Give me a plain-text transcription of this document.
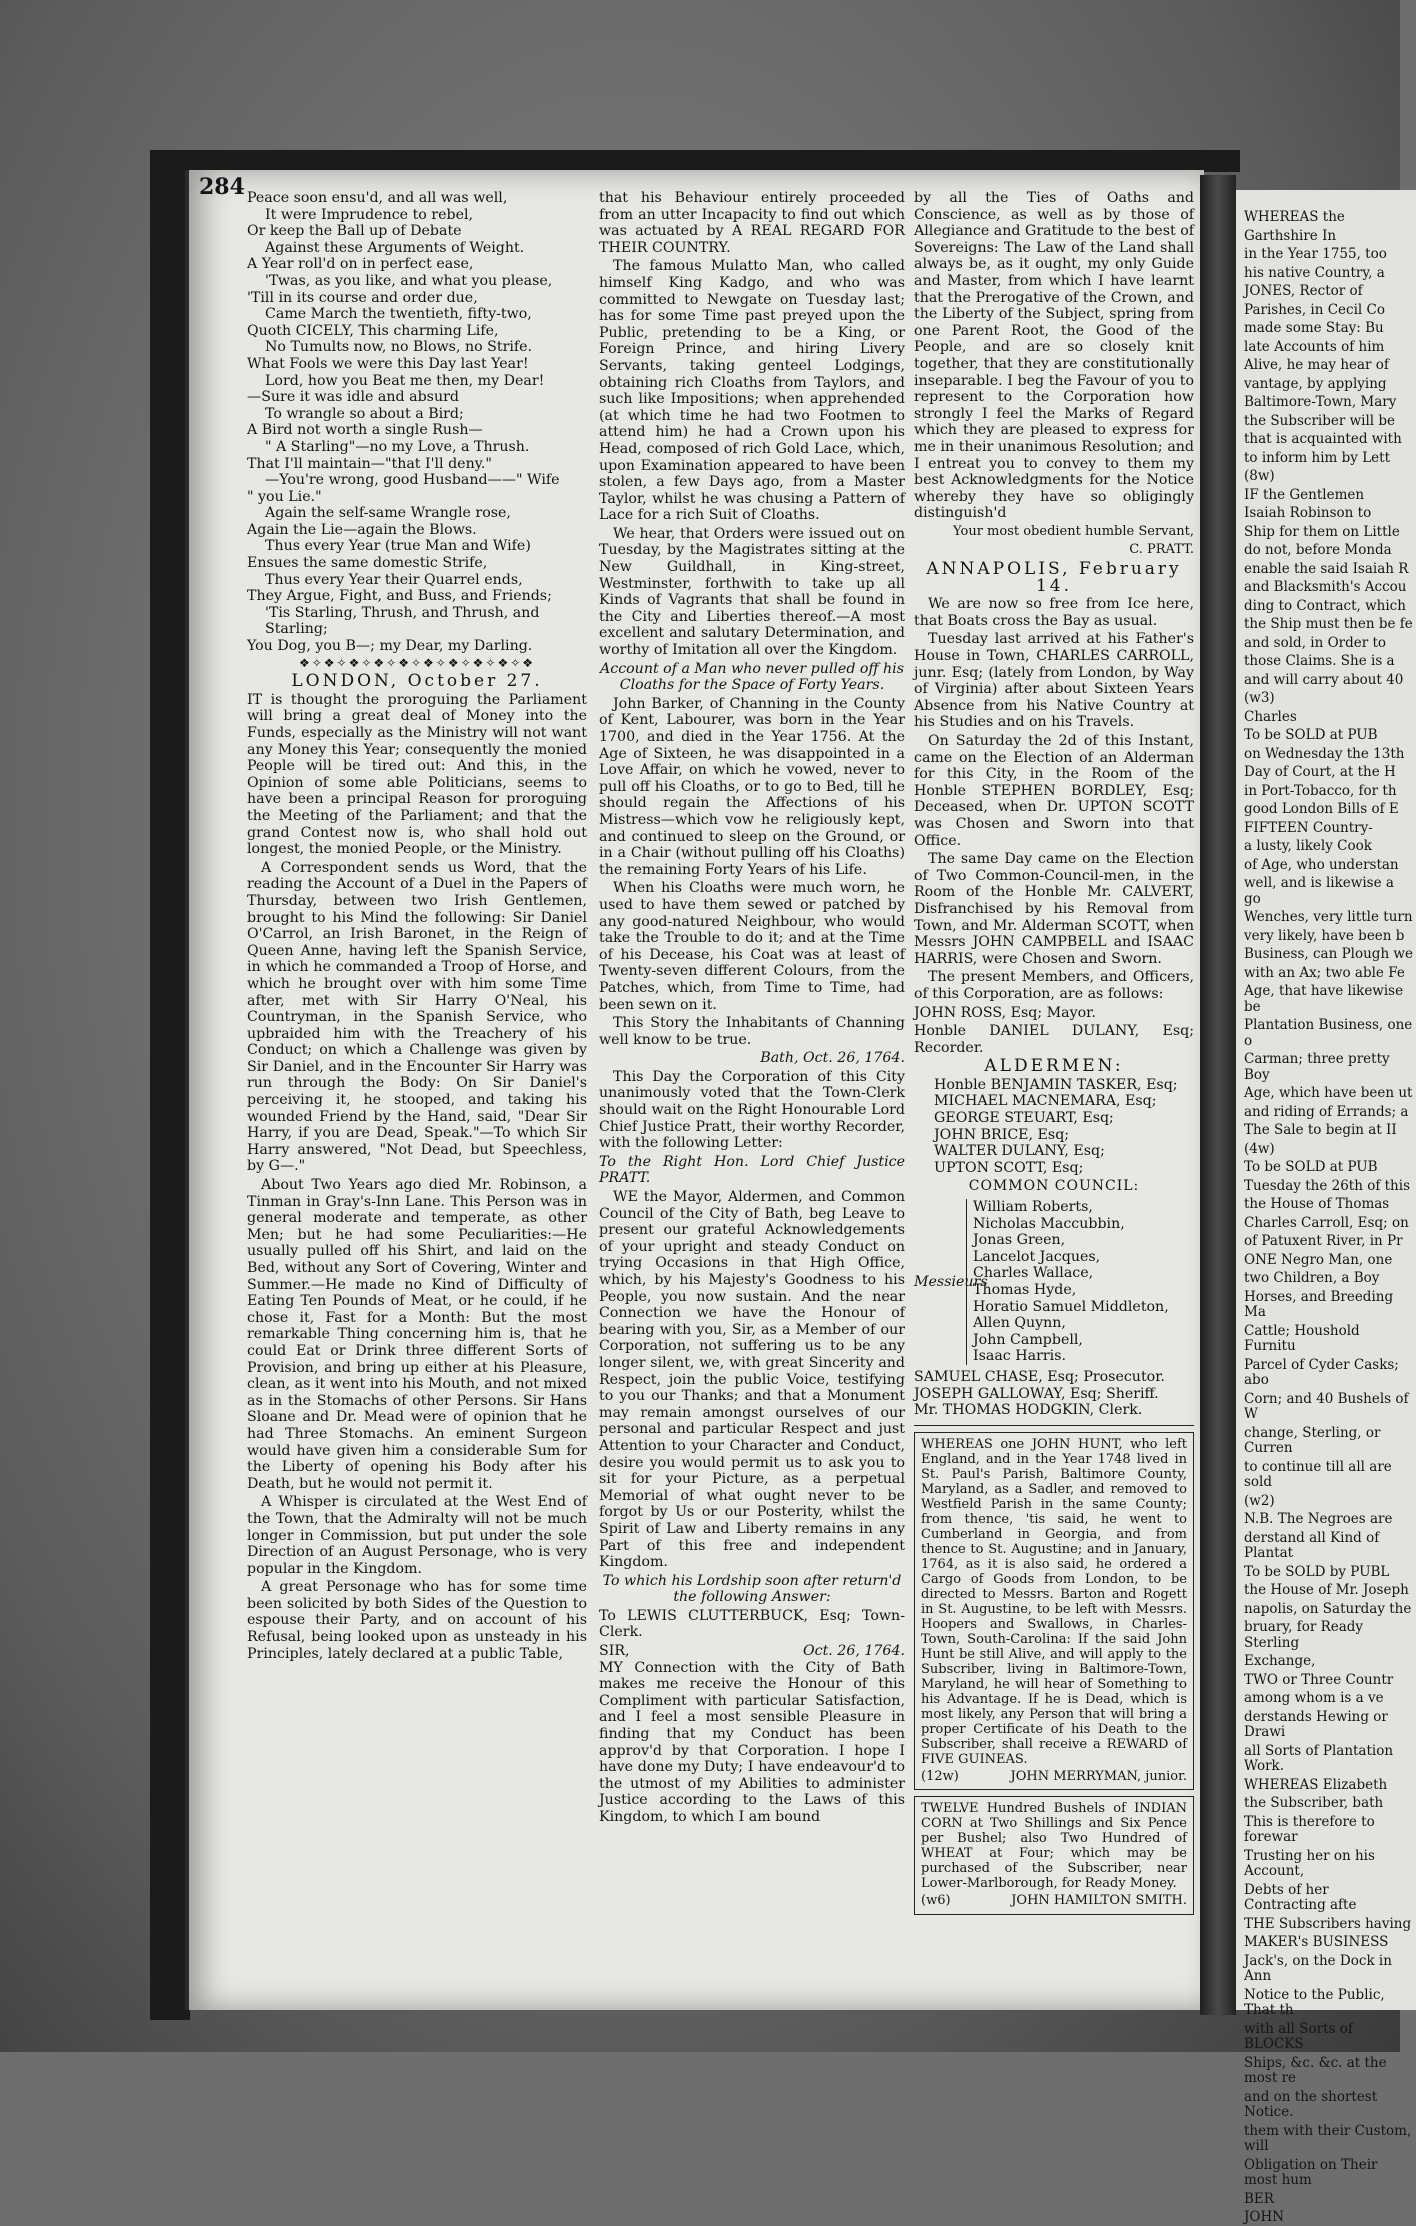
284 Peace soon ensu'd, and all was well,

It were Imprudence to rebel,

Or keep the Ball up of Debate

Against these Arguments of Weight.

A Year roll'd on in perfect ease,

'Twas, as you like, and what you please,

'Till in its course and order due,

Came March the twentieth, fifty-two,

Quoth CICELY, This charming Life,

No Tumults now, no Blows, no Strife.

What Fools we were this Day last Year!

Lord, how you Beat me then, my Dear!

—Sure it was idle and absurd

To wrangle so about a Bird;

A Bird not worth a single Rush—

" A Starling"—no my Love, a Thrush.

That I'll maintain—"that I'll deny."

—You're wrong, good Husband——" Wife

" you Lie."

Again the self-same Wrangle rose,

Again the Lie—again the Blows.

Thus every Year (true Man and Wife)

Ensues the same domestic Strife,

Thus every Year their Quarrel ends,

They Argue, Fight, and Buss, and Friends;

'Tis Starling, Thrush, and Thrush, and Starling;

You Dog, you B—; my Dear, my Darling.

❖✧❖✧❖✧❖✧❖✧❖✧❖✧❖✧❖✧❖

LONDON, October 27.

IT is thought the proroguing the Parliament will bring a great deal of Money into the Funds, especially as the Ministry will not want any Money this Year; consequently the monied People will be tired out: And this, in the Opinion of some able Politicians, seems to have been a principal Reason for proroguing the Meeting of the Parliament; and that the grand Contest now is, who shall hold out longest, the monied People, or the Ministry.

A Correspondent sends us Word, that the reading the Account of a Duel in the Papers of Thursday, between two Irish Gentlemen, brought to his Mind the following: Sir Daniel O'Carrol, an Irish Baronet, in the Reign of Queen Anne, having left the Spanish Service, in which he commanded a Troop of Horse, and which he brought over with him some Time after, met with Sir Harry O'Neal, his Countryman, in the Spanish Service, who upbraided him with the Treachery of his Conduct; on which a Challenge was given by Sir Daniel, and in the Encounter Sir Harry was run through the Body: On Sir Daniel's perceiving it, he stooped, and taking his wounded Friend by the Hand, said, "Dear Sir Harry, if you are Dead, Speak."—To which Sir Harry answered, "Not Dead, but Speechless, by G—."

About Two Years ago died Mr. Robinson, a Tinman in Gray's-Inn Lane. This Person was in general moderate and temperate, as other Men; but he had some Peculiarities:—He usually pulled off his Shirt, and laid on the Bed, without any Sort of Covering, Winter and Summer.—He made no Kind of Difficulty of Eating Ten Pounds of Meat, or he could, if he chose it, Fast for a Month: But the most remarkable Thing concerning him is, that he could Eat or Drink three different Sorts of Provision, and bring up either at his Pleasure, clean, as it went into his Mouth, and not mixed as in the Stomachs of other Persons. Sir Hans Sloane and Dr. Mead were of opinion that he had Three Stomachs. An eminent Surgeon would have given him a considerable Sum for the Liberty of opening his Body after his Death, but he would not permit it.

A Whisper is circulated at the West End of the Town, that the Admiralty will not be much longer in Commission, but put under the sole Direction of an August Personage, who is very popular in the Kingdom.

A great Personage who has for some time been solicited by both Sides of the Question to espouse their Party, and on account of his Refusal, being looked upon as unsteady in his Principles, lately declared at a public Table,

that his Behaviour entirely proceeded from an utter Incapacity to find out which was actuated by A REAL REGARD FOR THEIR COUNTRY.

The famous Mulatto Man, who called himself King Kadgo, and who was committed to Newgate on Tuesday last; has for some Time past preyed upon the Public, pretending to be a King, or Foreign Prince, and hiring Livery Servants, taking genteel Lodgings, obtaining rich Cloaths from Taylors, and such like Impositions; when apprehended (at which time he had two Footmen to attend him) he had a Crown upon his Head, composed of rich Gold Lace, which, upon Examination appeared to have been stolen, a few Days ago, from a Master Taylor, whilst he was chusing a Pattern of Lace for a rich Suit of Cloaths.

We hear, that Orders were issued out on Tuesday, by the Magistrates sitting at the New Guildhall, in King-street, Westminster, forthwith to take up all Kinds of Vagrants that shall be found in the City and Liberties thereof.—A most excellent and salutary Determination, and worthy of Imitation all over the Kingdom.

Account of a Man who never pulled off his Cloaths for the Space of Forty Years.

John Barker, of Channing in the County of Kent, Labourer, was born in the Year 1700, and died in the Year 1756. At the Age of Sixteen, he was disappointed in a Love Affair, on which he vowed, never to pull off his Cloaths, or to go to Bed, till he should regain the Affections of his Mistress—which vow he religiously kept, and continued to sleep on the Ground, or in a Chair (without pulling off his Cloaths) the remaining Forty Years of his Life.

When his Cloaths were much worn, he used to have them sewed or patched by any good-natured Neighbour, who would take the Trouble to do it; and at the Time of his Decease, his Coat was at least of Twenty-seven different Colours, from the Patches, which, from Time to Time, had been sewn on it.

This Story the Inhabitants of Channing well know to be true.

Bath, Oct. 26, 1764.

This Day the Corporation of this City unanimously voted that the Town-Clerk should wait on the Right Honourable Lord Chief Justice Pratt, their worthy Recorder, with the following Letter:

To the Right Hon. Lord Chief Justice PRATT.

WE the Mayor, Aldermen, and Common Council of the City of Bath, beg Leave to present our grateful Acknowledgements of your upright and steady Conduct on trying Occasions in that High Office, which, by his Majesty's Goodness to his People, you now sustain. And the near Connection we have the Honour of bearing with you, Sir, as a Member of our Corporation, not suffering us to be any longer silent, we, with great Sincerity and Respect, join the public Voice, testifying to you our Thanks; and that a Monument may remain amongst ourselves of our personal and particular Respect and just Attention to your Character and Conduct, desire you would permit us to ask you to sit for your Picture, as a perpetual Memorial of what ought never to be forgot by Us or our Posterity, whilst the Spirit of Law and Liberty remains in any Part of this free and independent Kingdom.

To which his Lordship soon after return'd the following Answer:

To LEWIS CLUTTERBUCK, Esq; Town-Clerk.

SIR,	Oct. 26, 1764.

MY Connection with the City of Bath makes me receive the Honour of this Compliment with particular Satisfaction, and I feel a most sensible Pleasure in finding that my Conduct has been approv'd by that Corporation. I hope I have done my Duty; I have endeavour'd to the utmost of my Abilities to administer Justice according to the Laws of this Kingdom, to which I am bound

by all the Ties of Oaths and Conscience, as well as by those of Allegiance and Gratitude to the best of Sovereigns: The Law of the Land shall always be, as it ought, my only Guide and Master, from which I have learnt that the Prerogative of the Crown, and the Liberty of the Subject, spring from one Parent Root, the Good of the People, and are so closely knit together, that they are constitutionally inseparable. I beg the Favour of you to represent to the Corporation how strongly I feel the Marks of Regard which they are pleased to express for me in their unanimous Resolution; and I entreat you to convey to them my best Acknowledgments for the Notice whereby they have so obligingly distinguish'd

Your most obedient humble Servant,

C. PRATT.

ANNAPOLIS, February 14.

We are now so free from Ice here, that Boats cross the Bay as usual.

Tuesday last arrived at his Father's House in Town, CHARLES CARROLL, junr. Esq; (lately from London, by Way of Virginia) after about Sixteen Years Absence from his Native Country at his Studies and on his Travels.

On Saturday the 2d of this Instant, came on the Election of an Alderman for this City, in the Room of the Honble STEPHEN BORDLEY, Esq; Deceased, when Dr. UPTON SCOTT was Chosen and Sworn into that Office.

The same Day came on the Election of Two Common-Council-men, in the Room of the Honble Mr. CALVERT, Disfranchised by his Removal from Town, and Mr. Alderman SCOTT, when Messrs JOHN CAMPBELL and ISAAC HARRIS, were Chosen and Sworn.

The present Members, and Officers, of this Corporation, are as follows:

JOHN ROSS, Esq; Mayor.

Honble DANIEL DULANY, Esq; Recorder.

ALDERMEN:

Honble BENJAMIN TASKER, Esq;
MICHAEL MACNEMARA, Esq;
GEORGE STEUART, Esq;
JOHN BRICE, Esq;
WALTER DULANY, Esq;
UPTON SCOTT, Esq;

COMMON COUNCIL:

Messieurs
William Roberts,
Nicholas Maccubbin,
Jonas Green,
Lancelot Jacques,
Charles Wallace,
Thomas Hyde,
Horatio Samuel Middleton,
Allen Quynn,
John Campbell,
Isaac Harris.
SAMUEL CHASE, Esq; Prosecutor.
JOSEPH GALLOWAY, Esq; Sheriff.
Mr. THOMAS HODGKIN, Clerk.

WHEREAS one JOHN HUNT, who left England, and in the Year 1748 lived in St. Paul's Parish, Baltimore County, Maryland, as a Sadler, and removed to Westfield Parish in the same County; from thence, 'tis said, he went to Cumberland in Georgia, and from thence to St. Augustine; and in January, 1764, as it is also said, he ordered a Cargo of Goods from London, to be directed to Messrs. Barton and Rogett in St. Augustine, to be left with Messrs. Hoopers and Swallows, in Charles-Town, South-Carolina: If the said John Hunt be still Alive, and will apply to the Subscriber, living in Baltimore-Town, Maryland, he will hear of Something to his Advantage. If he is Dead, which is most likely, any Person that will bring a proper Certificate of his Death to the Subscriber, shall receive a REWARD of FIVE GUINEAS.

(12w)	JOHN MERRYMAN, junior.

TWELVE Hundred Bushels of INDIAN CORN at Two Shillings and Six Pence per Bushel; also Two Hundred of WHEAT at Four; which may be purchased of the Subscriber, near Lower-Marlborough, for Ready Money.

(w6)	JOHN HAMILTON SMITH.

WHEREAS the

Garthshire In

in the Year 1755, too

his native Country, a

JONES, Rector of

Parishes, in Cecil Co

made some Stay: Bu

late Accounts of him

Alive, he may hear of

vantage, by applying

Baltimore-Town, Mary

the Subscriber will be

that is acquainted with

to inform him by Lett

(8w)

IF the Gentlemen

Isaiah Robinson to

Ship for them on Little

do not, before Monda

enable the said Isaiah R

and Blacksmith's Accou

ding to Contract, which

the Ship must then be fe

and sold, in Order to

those Claims. She is a

and will carry about 40

(w3)

Charles

To be SOLD at PUB

on Wednesday the 13th

Day of Court, at the H

in Port-Tobacco, for th

good London Bills of E

FIFTEEN Country-

a lusty, likely Cook

of Age, who understan

well, and is likewise a go

Wenches, very little turn

very likely, have been b

Business, can Plough we

with an Ax; two able Fe

Age, that have likewise be

Plantation Business, one o

Carman; three pretty Boy

Age, which have been ut

and riding of Errands; a

The Sale to begin at II

(4w)

To be SOLD at PUB

Tuesday the 26th of this

the House of Thomas

Charles Carroll, Esq; on

of Patuxent River, in Pr

ONE Negro Man, one

two Children, a Boy

Horses, and Breeding Ma

Cattle; Houshold Furnitu

Parcel of Cyder Casks; abo

Corn; and 40 Bushels of W

change, Sterling, or Curren

to continue till all are sold

(w2)

N.B. The Negroes are

derstand all Kind of Plantat

To be SOLD by PUBL

the House of Mr. Joseph

napolis, on Saturday the

bruary, for Ready Sterling

Exchange,

TWO or Three Countr

among whom is a ve

derstands Hewing or Drawi

all Sorts of Plantation Work.

WHEREAS Elizabeth

the Subscriber, bath

This is therefore to forewar

Trusting her on his Account,

Debts of her Contracting afte

THE Subscribers having

MAKER's BUSINESS

Jack's, on the Dock in Ann

Notice to the Public, That th

with all Sorts of BLOCKS

Ships, &c. &c. at the most re

and on the shortest Notice.

them with their Custom, will

Obligation on Their most hum

BER

JOHN
